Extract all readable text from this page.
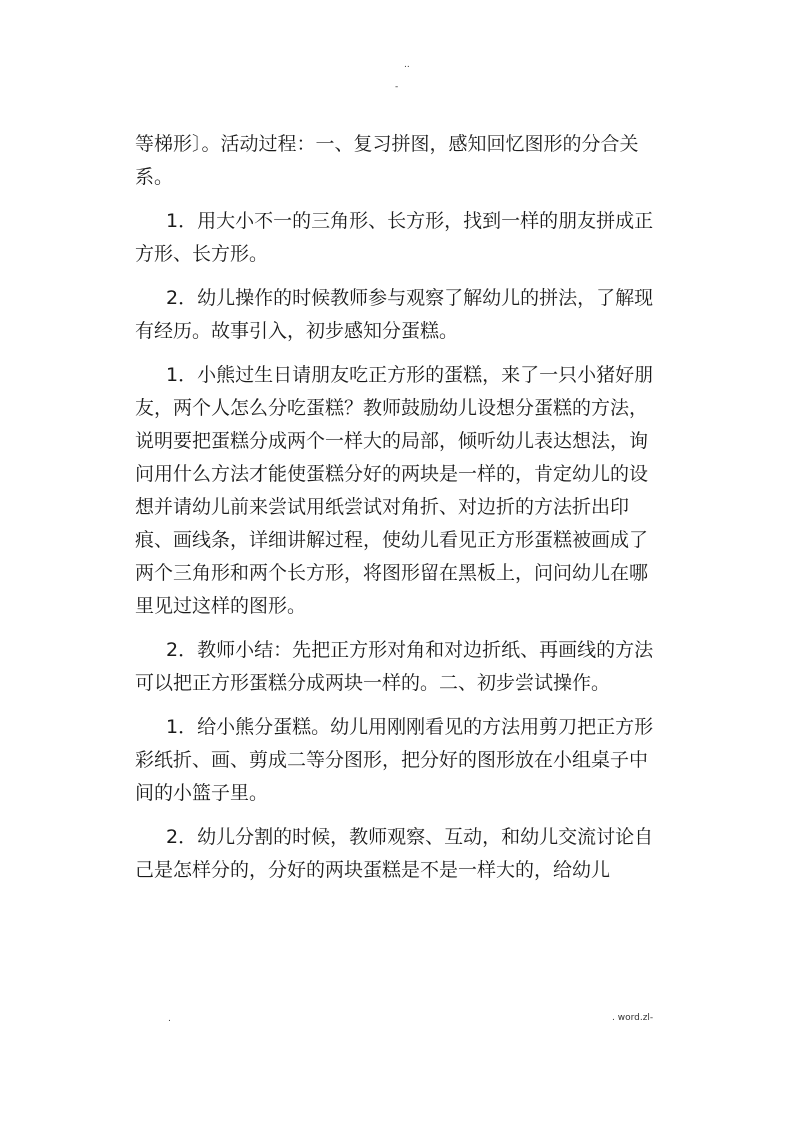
..
-

等梯形〕。活动过程：一、复习拼图，感知回忆图形的分合关系。

1．用大小不一的三角形、长方形，找到一样的朋友拼成正方形、长方形。

2．幼儿操作的时候教师参与观察了解幼儿的拼法，了解现有经历。故事引入，初步感知分蛋糕。

1．小熊过生日请朋友吃正方形的蛋糕，来了一只小猪好朋友，两个人怎么分吃蛋糕？教师鼓励幼儿设想分蛋糕的方法，说明要把蛋糕分成两个一样大的局部，倾听幼儿表达想法，询问用什么方法才能使蛋糕分好的两块是一样的，肯定幼儿的设想并请幼儿前来尝试用纸尝试对角折、对边折的方法折出印痕、画线条，详细讲解过程，使幼儿看见正方形蛋糕被画成了两个三角形和两个长方形，将图形留在黑板上，问问幼儿在哪里见过这样的图形。

2．教师小结：先把正方形对角和对边折纸、再画线的方法可以把正方形蛋糕分成两块一样的。二、初步尝试操作。

1．给小熊分蛋糕。幼儿用刚刚看见的方法用剪刀把正方形彩纸折、画、剪成二等分图形，把分好的图形放在小组桌子中间的小篮子里。

2．幼儿分割的时候，教师观察、互动，和幼儿交流讨论自己是怎样分的，分好的两块蛋糕是不是一样大的，给幼儿

.	. word.zl-
